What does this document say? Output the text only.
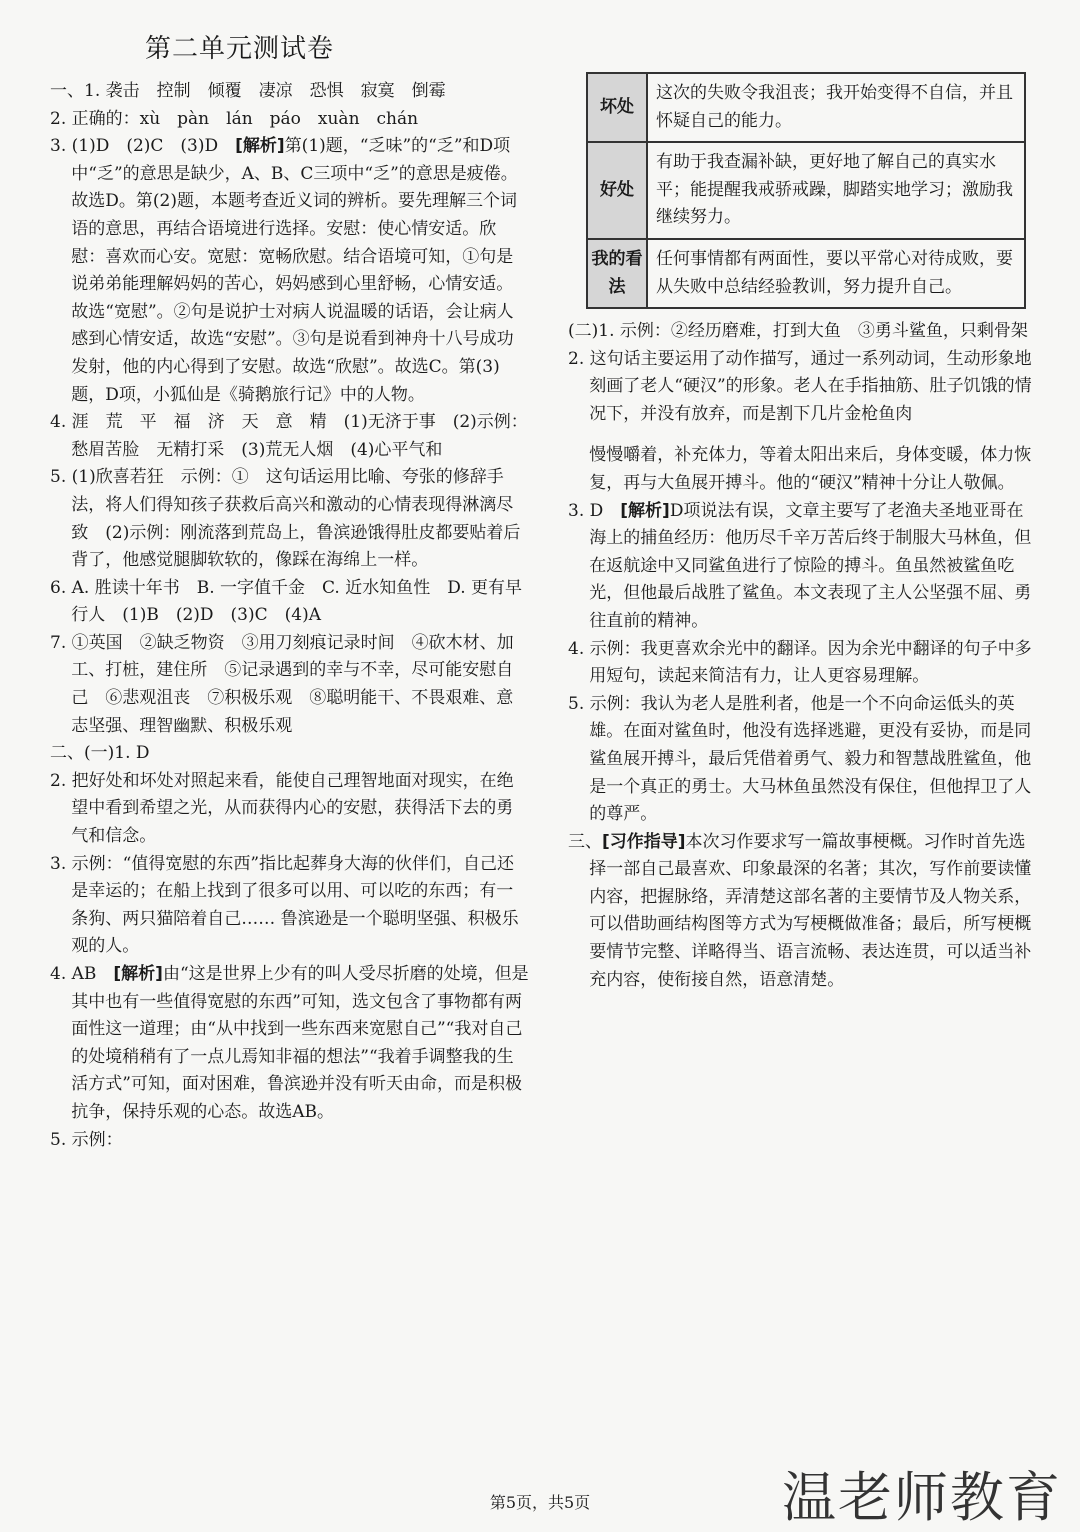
第二单元测试卷

一、1. 袭击　控制　倾覆　凄凉　恐惧　寂寞　倒霉

2. 正确的：xù　pàn　lán　páo　xuàn　chán

3. (1)D　(2)C　(3)D　[解析]第(1)题，“乏味”的“乏”和D项中“乏”的意思是缺少，A、B、C三项中“乏”的意思是疲倦。故选D。第(2)题，本题考查近义词的辨析。要先理解三个词语的意思，再结合语境进行选择。安慰：使心情安适。欣慰：喜欢而心安。宽慰：宽畅欣慰。结合语境可知，①句是说弟弟能理解妈妈的苦心，妈妈感到心里舒畅，心情安适。故选“宽慰”。②句是说护士对病人说温暖的话语，会让病人感到心情安适，故选“安慰”。③句是说看到神舟十八号成功发射，他的内心得到了安慰。故选“欣慰”。故选C。第(3)题，D项，小狐仙是《骑鹅旅行记》中的人物。

4. 涯　荒　平　福　济　天　意　精　(1)无济于事　(2)示例：愁眉苦脸　无精打采　(3)荒无人烟　(4)心平气和

5. (1)欣喜若狂　示例：①　这句话运用比喻、夸张的修辞手法，将人们得知孩子获救后高兴和激动的心情表现得淋漓尽致　(2)示例：刚流落到荒岛上，鲁滨逊饿得肚皮都要贴着后背了，他感觉腿脚软软的，像踩在海绵上一样。

6. A. 胜读十年书　B. 一字值千金　C. 近水知鱼性　D. 更有早行人　(1)B　(2)D　(3)C　(4)A

7. ①英国　②缺乏物资　③用刀刻痕记录时间　④砍木材、加工、打桩，建住所　⑤记录遇到的幸与不幸，尽可能安慰自己　⑥悲观沮丧　⑦积极乐观　⑧聪明能干、不畏艰难、意志坚强、理智幽默、积极乐观

二、(一)1. D

2. 把好处和坏处对照起来看，能使自己理智地面对现实，在绝望中看到希望之光，从而获得内心的安慰，获得活下去的勇气和信念。

3. 示例：“值得宽慰的东西”指比起葬身大海的伙伴们，自己还是幸运的；在船上找到了很多可以用、可以吃的东西；有一条狗、两只猫陪着自己…… 鲁滨逊是一个聪明坚强、积极乐观的人。

4. AB　[解析]由“这是世界上少有的叫人受尽折磨的处境，但是其中也有一些值得宽慰的东西”可知，选文包含了事物都有两面性这一道理；由“从中找到一些东西来宽慰自己”“我对自己的处境稍稍有了一点儿焉知非福的想法”“我着手调整我的生活方式”可知，面对困难，鲁滨逊并没有听天由命，而是积极抗争，保持乐观的心态。故选AB。

5. 示例：

坏处	这次的失败令我沮丧；我开始变得不自信，并且怀疑自己的能力。
好处	有助于我查漏补缺，更好地了解自己的真实水平；能提醒我戒骄戒躁，脚踏实地学习；激励我继续努力。
我的看法	任何事情都有两面性，要以平常心对待成败，要从失败中总结经验教训，努力提升自己。

(二)1. 示例：②经历磨难，打到大鱼　③勇斗鲨鱼，只剩骨架

2. 这句话主要运用了动作描写，通过一系列动词，生动形象地刻画了老人“硬汉”的形象。老人在手指抽筋、肚子饥饿的情况下，并没有放弃，而是割下几片金枪鱼肉

慢慢嚼着，补充体力，等着太阳出来后，身体变暖，体力恢复，再与大鱼展开搏斗。他的“硬汉”精神十分让人敬佩。

3. D　[解析]D项说法有误，文章主要写了老渔夫圣地亚哥在海上的捕鱼经历：他历尽千辛万苦后终于制服大马林鱼，但在返航途中又同鲨鱼进行了惊险的搏斗。鱼虽然被鲨鱼吃光，但他最后战胜了鲨鱼。本文表现了主人公坚强不屈、勇往直前的精神。

4. 示例：我更喜欢余光中的翻译。因为余光中翻译的句子中多用短句，读起来简洁有力，让人更容易理解。

5. 示例：我认为老人是胜利者，他是一个不向命运低头的英雄。在面对鲨鱼时，他没有选择逃避，更没有妥协，而是同鲨鱼展开搏斗，最后凭借着勇气、毅力和智慧战胜鲨鱼，他是一个真正的勇士。大马林鱼虽然没有保住，但他捍卫了人的尊严。

三、[习作指导]本次习作要求写一篇故事梗概。习作时首先选择一部自己最喜欢、印象最深的名著；其次，写作前要读懂内容，把握脉络，弄清楚这部名著的主要情节及人物关系，可以借助画结构图等方式为写梗概做准备；最后，所写梗概要情节完整、详略得当、语言流畅、表达连贯，可以适当补充内容，使衔接自然，语意清楚。

第5页，共5页	温老师教育
